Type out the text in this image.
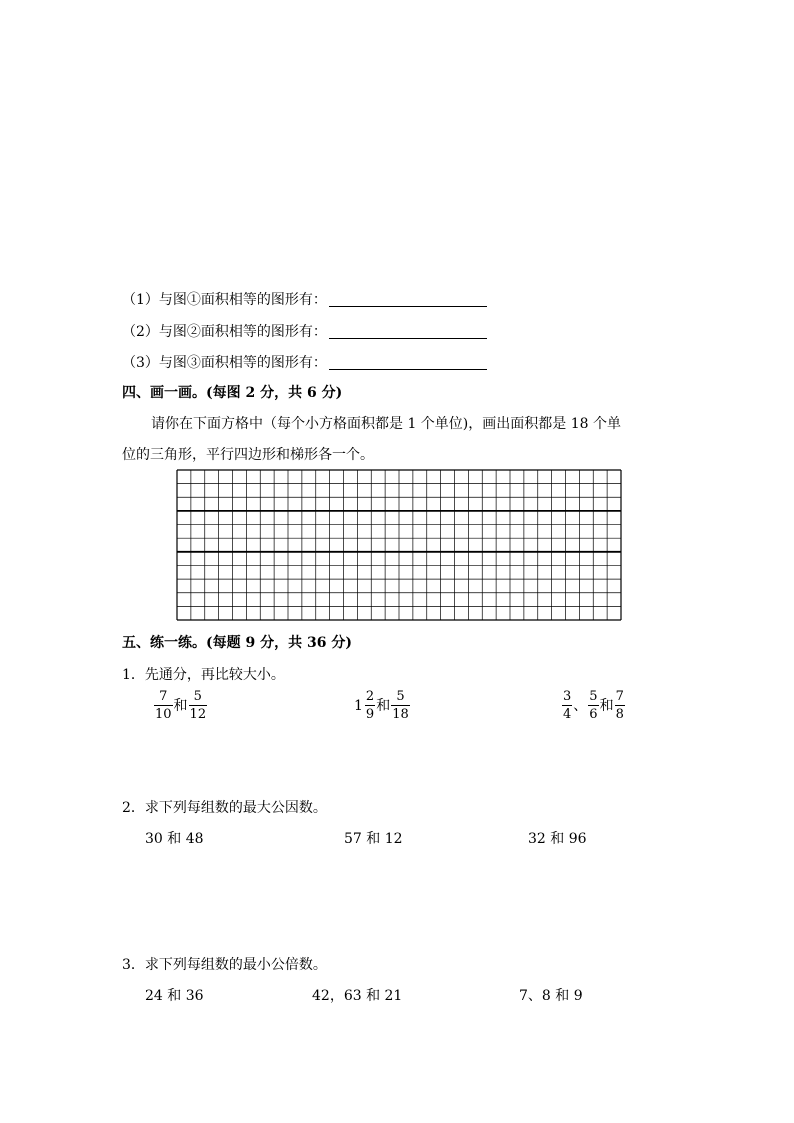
（1）与图①面积相等的图形有：
（2）与图②面积相等的图形有：
（3）与图③面积相等的图形有：
四、画一画。(每图 2 分，共 6 分)
请你在下面方格中（每个小方格面积都是 1 个单位)，画出面积都是 18 个单
位的三角形，平行四边形和梯形各一个。
五、练一练。(每题 9 分，共 36 分)
1．先通分，再比较大小。
$\frac{7}{10}$ 和 $\frac{5}{12}$	$1 \frac{2}{9}$ 和 $\frac{5}{18}$	$\frac{3}{4}$ 、 $\frac{5}{6}$ 和 $\frac{7}{8}$
2．求下列每组数的最大公因数。
30 和 48	57 和 12	32 和 96
3．求下列每组数的最小公倍数。
24 和 36	42，63 和 21	7、8 和 9
